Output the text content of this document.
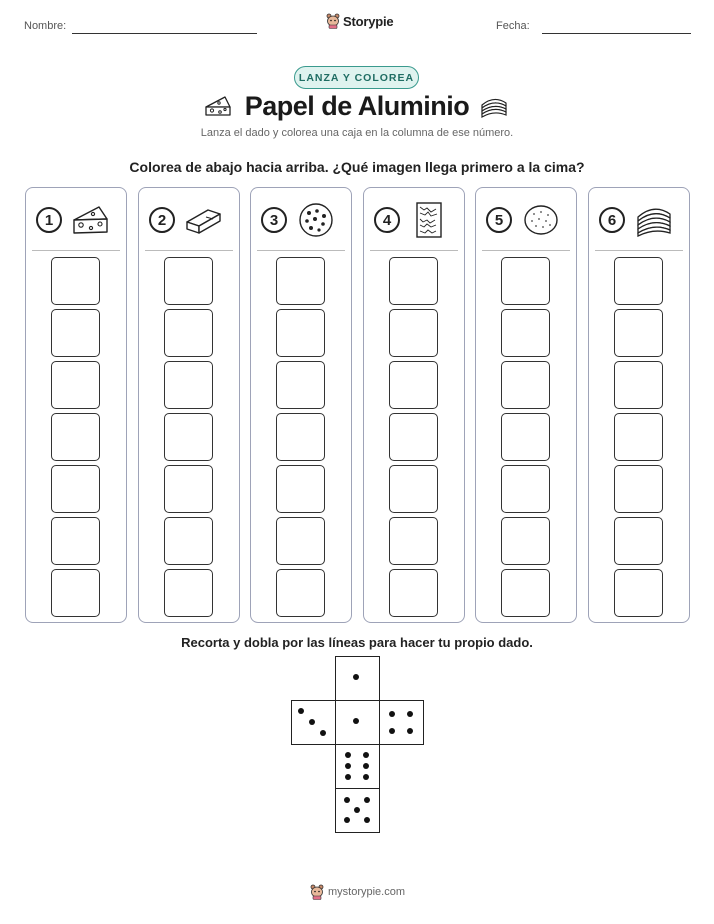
Nombre:	Storypie	Fecha:
LANZA Y COLOREA
Papel de Aluminio
Lanza el dado y colorea una caja en la columna de ese número.
Colorea de abajo hacia arriba. ¿Qué imagen llega primero a la cima?
1	2	3	4	5	6
Recorta y dobla por las líneas para hacer tu propio dado.
mystorypie.com
